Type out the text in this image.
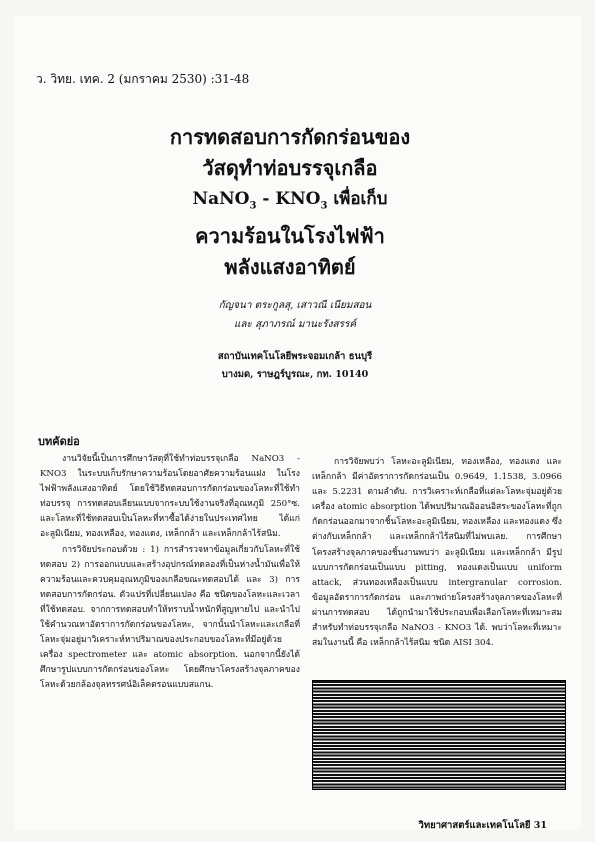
ว. วิทย. เทค. 2 (มกราคม 2530) :31-48

การทดสอบการกัดกร่อนของ

วัสดุทำท่อบรรจุเกลือ

NaNO$_3$ - $KNO_3$ เพื่อเก็บ

ความร้อนในโรงไฟฟ้า

พลังแสงอาทิตย์

กัญจนา ตระกูลสุ, เสาวณี เนียมสอน
และ สุภาภรณ์ มานะรังสรรค์
สถาบันเทคโนโลยีพระจอมเกล้า ธนบุรี
บางมด, ราษฎร์บูรณะ, กท. 10140
บทคัดย่อ

งานวิจัยนี้เป็นการศึกษาวัสดุที่ใช้ทำท่อบรรจุเกลือ NaNO3 - KNO3 ในระบบเก็บรักษาความร้อนโดยอาศัยความร้อนแฝง ในโรงไฟฟ้าพลังแสงอาทิตย์ โดยใช้วิธีทดสอบการกัดกร่อนของโลหะที่ใช้ทำท่อบรรจุ การทดสอบเลียนแบบจากระบบใช้งานจริงที่อุณหภูมิ 250°ซ. และโลหะที่ใช้ทดสอบเป็นโลหะที่หาซื้อได้ง่ายในประเทศไทย ได้แก่ อะลูมิเนียม, ทองเหลือง, ทองแดง, เหล็กกล้า และเหล็กกล้าไร้สนิม.

การวิจัยประกอบด้วย : 1) การสำรวจหาข้อมูลเกี่ยวกับโลหะที่ใช้ทดสอบ 2) การออกแบบและสร้างอุปกรณ์ทดลองที่เป็นห่างน้ำมันเพื่อให้ความร้อนและควบคุมอุณหภูมิของเกลือขณะทดสอบได้ และ 3) การทดสอบการกัดกร่อน. ตัวแปรที่เปลี่ยนแปลง คือ ชนิดของโลหะและเวลาที่ใช้ทดสอบ. จากการทดสอบทำให้ทราบน้ำหนักที่สูญหายไป และนำไปใช้คำนวณหาอัตราการกัดกร่อนของโลหะ, จากนั้นนำโลหะและเกลือที่โลหะจุ่มอยู่มาวิเคราะห์หาปริมาณของประกอบของโลหะที่มีอยู่ด้วยเครื่อง spectrometer และ atomic absorption. นอกจากนี้ยังได้ศึกษารูปแบบการกัดกร่อนของโลหะ โดยศึกษาโครงสร้างจุลภาคของโลหะด้วยกล้องจุลทรรศน์อิเล็คตรอนแบบสแกน.

การวิจัยพบว่า โลหะอะลูมิเนียม, ทองเหลือง, ทองแดง และเหล็กกล้า มีค่าอัตราการกัดกร่อนเป็น 0.9649, 1.1538, 3.0966 และ 5.2231 ตามลำดับ. การวิเคราะห์เกลือที่แต่ละโลหะจุ่มอยู่ด้วยเครื่อง atomic absorption ได้พบปริมาณอิออนอิสระของโลหะที่ถูกกัดกร่อนออกมาจากชิ้นโลหะอะลูมิเนียม, ทองเหลือง และทองแดง ซึ่งต่างกับเหล็กกล้า และเหล็กกล้าไร้สนิมที่ไม่พบเลย. การศึกษาโครงสร้างจุลภาคของชิ้นงานพบว่า อะลูมิเนียม และเหล็กกล้า มีรูปแบบการกัดกร่อนเป็นแบบ pitting, ทองแดงเป็นแบบ uniform attack, ส่วนทองเหลืองเป็นแบบ intergranular corrosion. ข้อมูลอัตราการกัดกร่อน และภาพถ่ายโครงสร้างจุลภาคของโลหะที่ผ่านการทดสอบ ได้ถูกนำมาใช้ประกอบเพื่อเลือกโลหะที่เหมาะสมสำหรับทำท่อบรรจุเกลือ NaNO3 - KNO3 ได้. พบว่าโลหะที่เหมาะสมในงานนี้ คือ เหล็กกล้าไร้สนิม ชนิด AISI 304.

วิทยาศาสตร์และเทคโนโลยี 31
